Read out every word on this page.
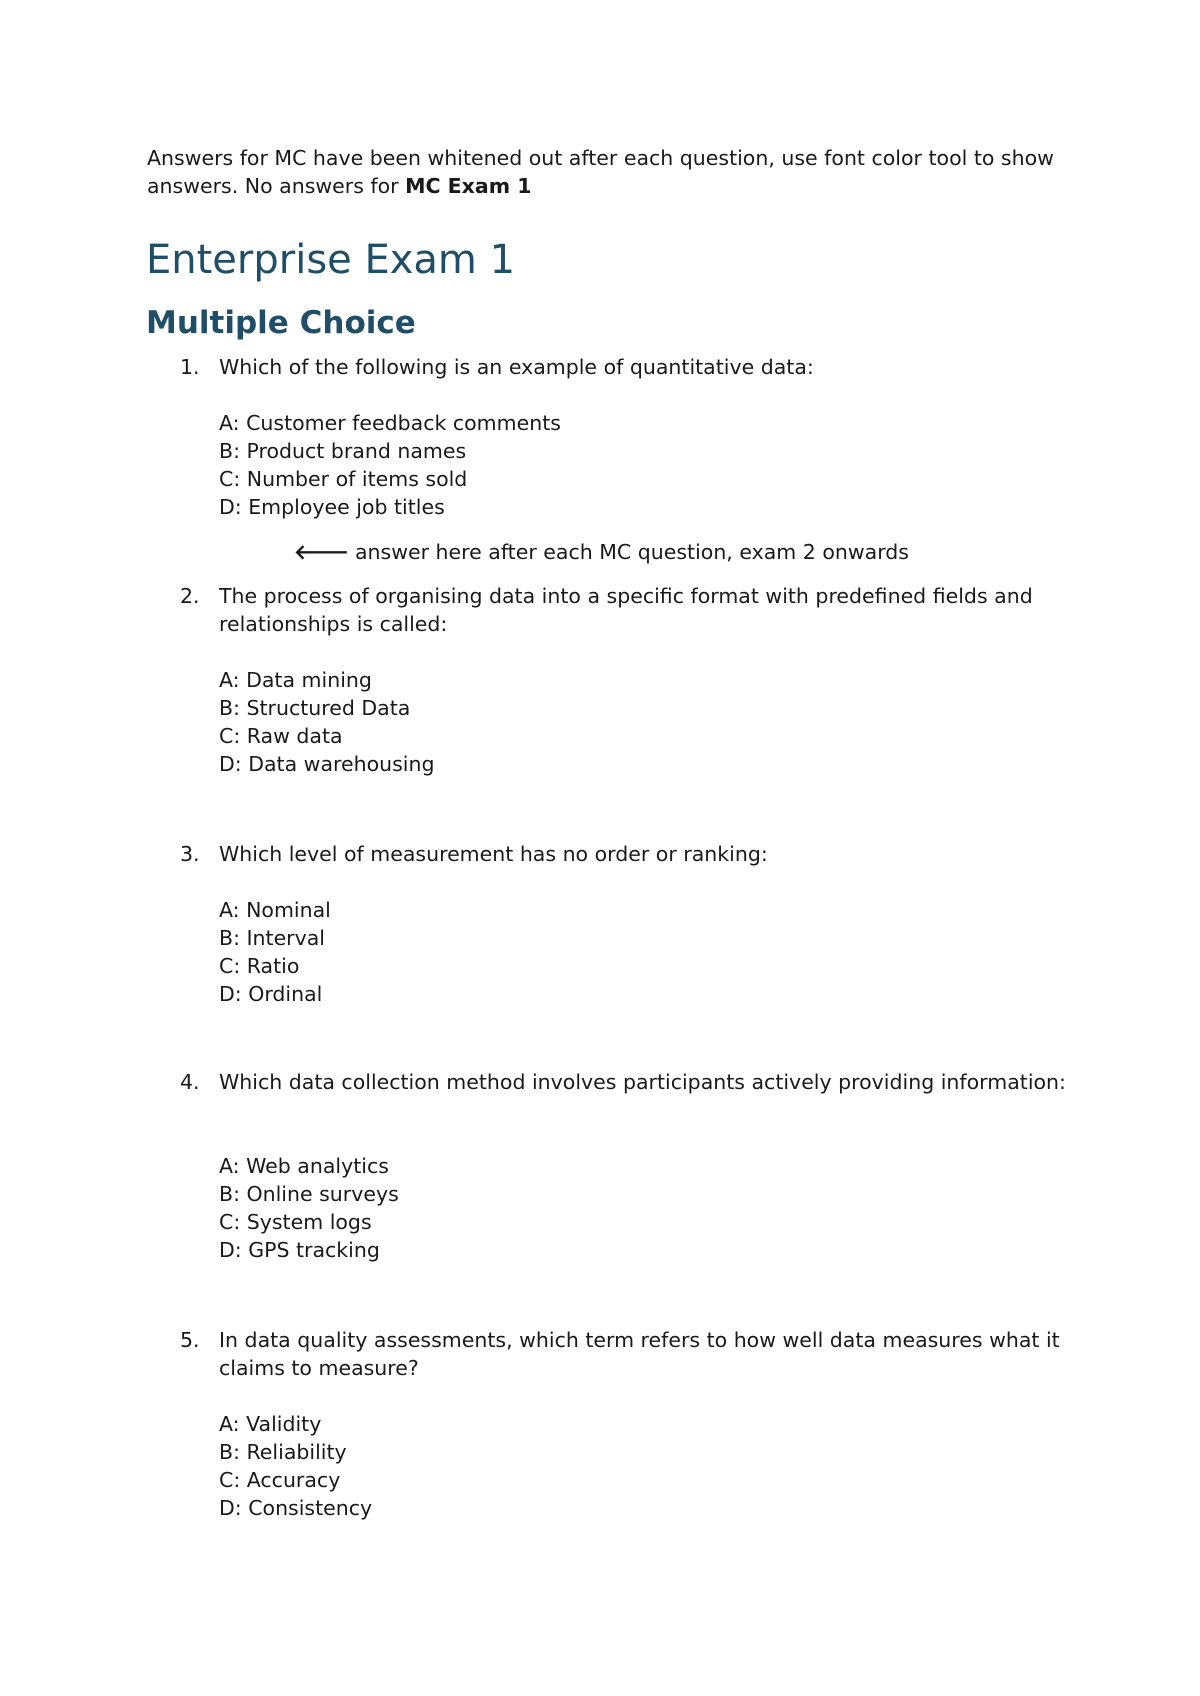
Answers for MC have been whitened out after each question, use font color tool to show answers. No answers for MC Exam 1
Enterprise Exam 1
Multiple Choice
1. Which of the following is an example of quantitative data:
A: Customer feedback comments
B: Product brand names
C: Number of items sold
D: Employee job titles
🡐 answer here after each MC question, exam 2 onwards
2. The process of organising data into a specific format with predefined fields and relationships is called:
A: Data mining
B: Structured Data
C: Raw data
D: Data warehousing
3. Which level of measurement has no order or ranking:
A: Nominal
B: Interval
C: Ratio
D: Ordinal
4. Which data collection method involves participants actively providing information:
A: Web analytics
B: Online surveys
C: System logs
D: GPS tracking
5. In data quality assessments, which term refers to how well data measures what it claims to measure?
A: Validity
B: Reliability
C: Accuracy
D: Consistency
